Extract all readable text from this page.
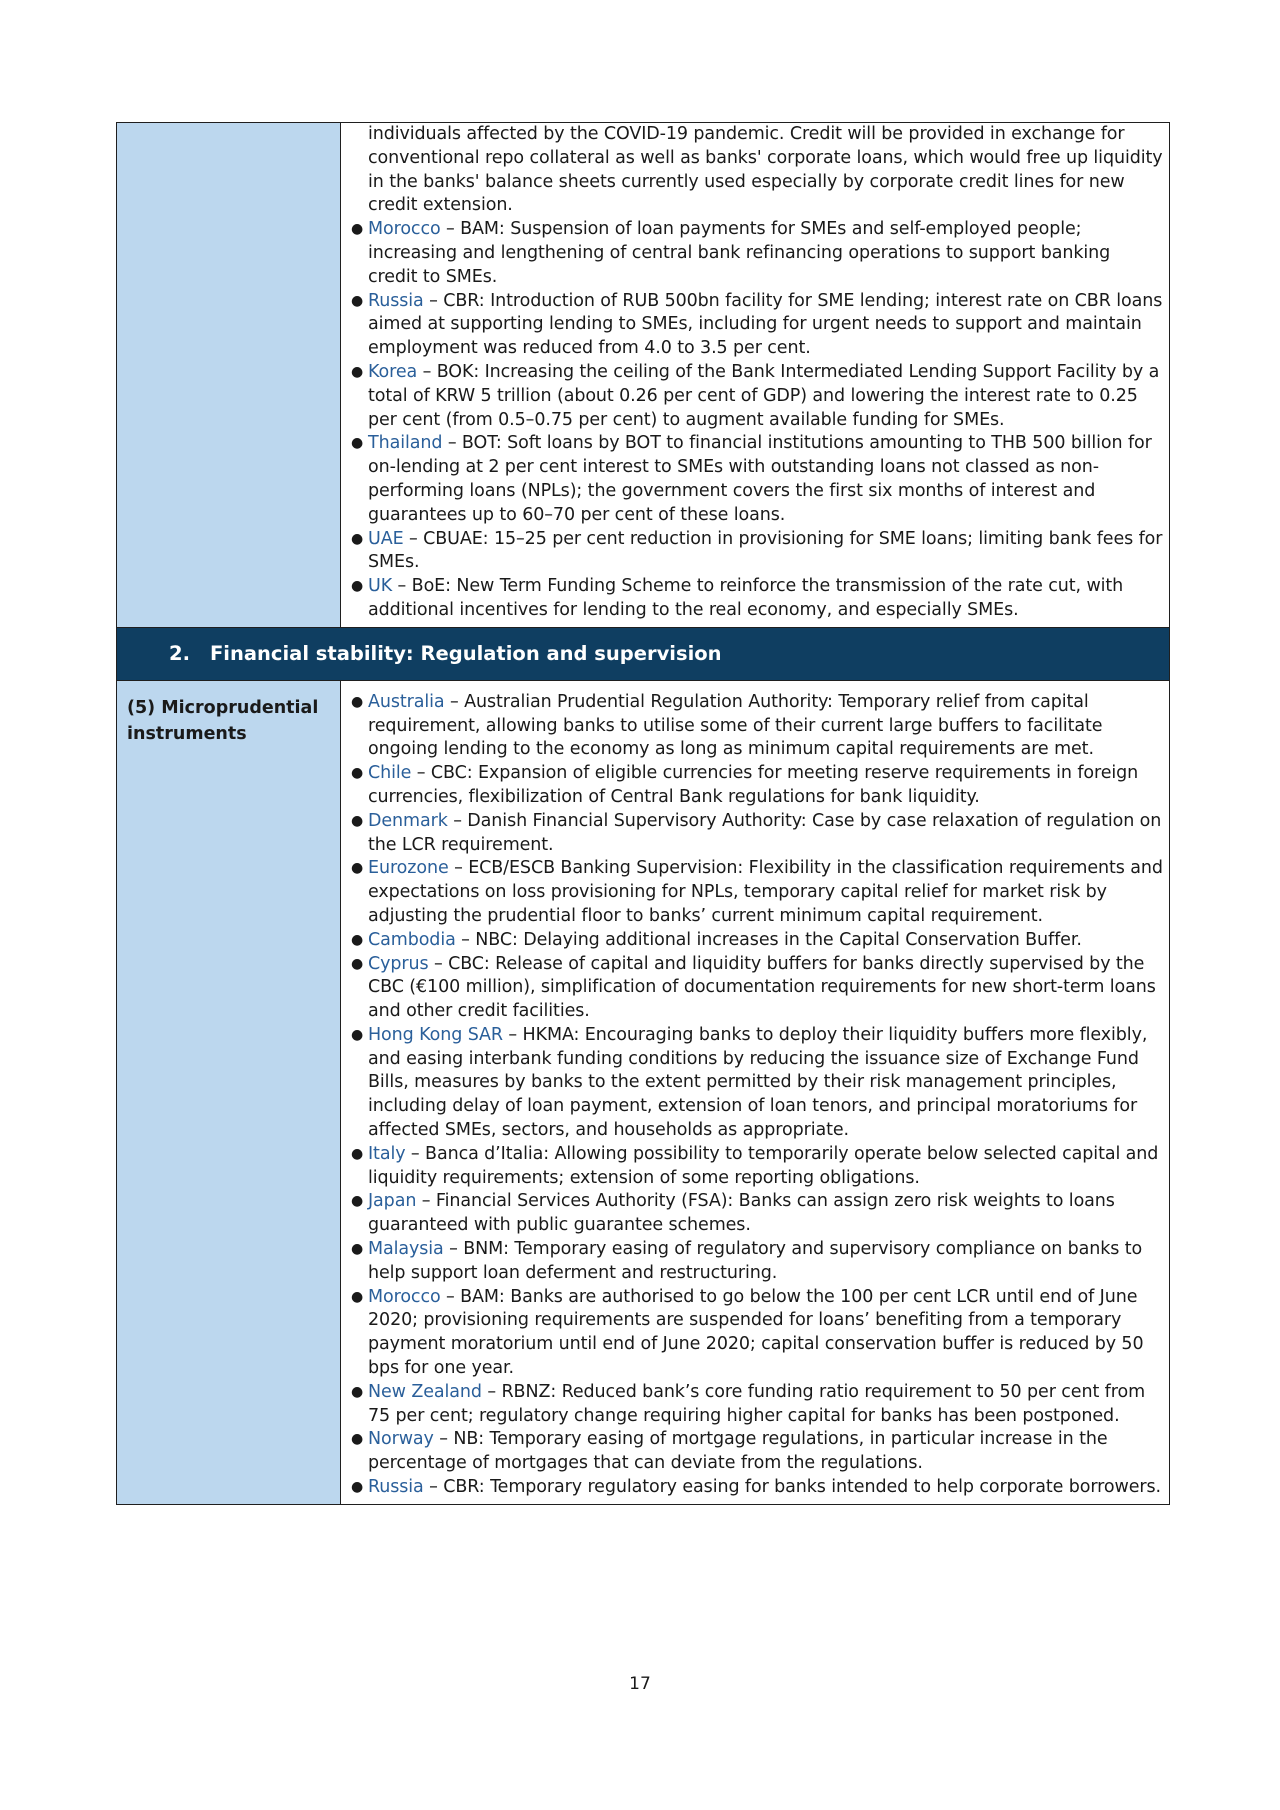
individuals affected by the COVID-19 pandemic. Credit will be provided in exchange for conventional repo collateral as well as banks' corporate loans, which would free up liquidity in the banks' balance sheets currently used especially by corporate credit lines for new credit extension.
● Morocco – BAM: Suspension of loan payments for SMEs and self-employed people; increasing and lengthening of central bank refinancing operations to support banking credit to SMEs.
● Russia – CBR: Introduction of RUB 500bn facility for SME lending; interest rate on CBR loans aimed at supporting lending to SMEs, including for urgent needs to support and maintain employment was reduced from 4.0 to 3.5 per cent.
● Korea – BOK: Increasing the ceiling of the Bank Intermediated Lending Support Facility by a total of KRW 5 trillion (about 0.26 per cent of GDP) and lowering the interest rate to 0.25 per cent (from 0.5–0.75 per cent) to augment available funding for SMEs.
● Thailand – BOT: Soft loans by BOT to financial institutions amounting to THB 500 billion for on-lending at 2 per cent interest to SMEs with outstanding loans not classed as non-performing loans (NPLs); the government covers the first six months of interest and guarantees up to 60–70 per cent of these loans.
● UAE – CBUAE: 15–25 per cent reduction in provisioning for SME loans; limiting bank fees for SMEs.
● UK – BoE: New Term Funding Scheme to reinforce the transmission of the rate cut, with additional incentives for lending to the real economy, and especially SMEs.
2. Financial stability: Regulation and supervision
(5) Microprudential instruments
● Australia – Australian Prudential Regulation Authority: Temporary relief from capital requirement, allowing banks to utilise some of their current large buffers to facilitate ongoing lending to the economy as long as minimum capital requirements are met.
● Chile – CBC: Expansion of eligible currencies for meeting reserve requirements in foreign currencies, flexibilization of Central Bank regulations for bank liquidity.
● Denmark – Danish Financial Supervisory Authority: Case by case relaxation of regulation on the LCR requirement.
● Eurozone – ECB/ESCB Banking Supervision: Flexibility in the classification requirements and expectations on loss provisioning for NPLs, temporary capital relief for market risk by adjusting the prudential floor to banks’ current minimum capital requirement.
● Cambodia – NBC: Delaying additional increases in the Capital Conservation Buffer.
● Cyprus – CBC: Release of capital and liquidity buffers for banks directly supervised by the CBC (€100 million), simplification of documentation requirements for new short-term loans and other credit facilities.
● Hong Kong SAR – HKMA: Encouraging banks to deploy their liquidity buffers more flexibly, and easing interbank funding conditions by reducing the issuance size of Exchange Fund Bills, measures by banks to the extent permitted by their risk management principles, including delay of loan payment, extension of loan tenors, and principal moratoriums for affected SMEs, sectors, and households as appropriate.
● Italy – Banca d’Italia: Allowing possibility to temporarily operate below selected capital and liquidity requirements; extension of some reporting obligations.
● Japan – Financial Services Authority (FSA): Banks can assign zero risk weights to loans guaranteed with public guarantee schemes.
● Malaysia – BNM: Temporary easing of regulatory and supervisory compliance on banks to help support loan deferment and restructuring.
● Morocco – BAM: Banks are authorised to go below the 100 per cent LCR until end of June 2020; provisioning requirements are suspended for loans’ benefiting from a temporary payment moratorium until end of June 2020; capital conservation buffer is reduced by 50 bps for one year.
● New Zealand – RBNZ: Reduced bank’s core funding ratio requirement to 50 per cent from 75 per cent; regulatory change requiring higher capital for banks has been postponed.
● Norway – NB: Temporary easing of mortgage regulations, in particular increase in the percentage of mortgages that can deviate from the regulations.
● Russia – CBR: Temporary regulatory easing for banks intended to help corporate borrowers.
17
